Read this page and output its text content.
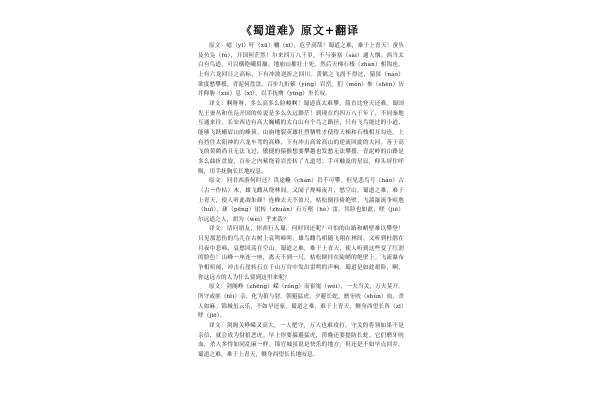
《蜀道难》原文+翻译

原文：噫（yī）吁（xū）嚱（xī），危乎高哉！蜀道之难，难于上青天！蚕丛及鱼凫（fú），开国何茫然！尔来四万八千岁，不与秦塞（sài）通人烟。西当太白有鸟道，可以横绝峨眉巅。地崩山摧壮士死，然后天梯石栈（zhàn）相钩连。上有六龙回日之高标，下有冲波逆折之回川。黄鹤之飞尚不得过，猿猱（náo）欲度愁攀援。青泥何盘盘，百步九折萦（yíng）岩峦。扪（mén）参（shēn）历井仰胁（xié）息（xī），以手抚膺（yīng）坐长叹。

译文：啊呀呀，多么高多么险峻啊！蜀道真太难攀，简直比登天还难。蜀国先王蚕丛和鱼凫开国的传说是多么久远渺茫！到现在约四万八千年了，不同秦地互通来往。长安西边有高大巍峨的太白山有个鸟之路径，只有飞鸟能过的小道，能够飞跃峨眉山的峰顶。山崩地裂英雄壮烈牺牲才使得天梯和石栈相互勾连。上有挡住太阳神的六龙车驾的高峰，下有冲击高耸高山的逆流回旋的大河。善于高飞的黄鹤尚且无法飞过，敏捷的猿猴想要攀越也发愁无法攀援。青泥岭的山路是多么曲折盘旋，百步之内萦绕着岩峦转了九道弯。手可触及的星辰，仰头屏住呼吸，用手抚胸长长地叹息。

原文：问君西游何时还？畏途巉（chán）岩不可攀。但见悲鸟号（háo）古（古一作枯）木，雄飞雌从绕林间。又闻子规啼夜月，愁空山。蜀道之难，难于上青天，使人听此凋朱颜！连峰去天不盈尺，枯松倒挂倚绝壁。飞湍瀑流争喧豗（huī），砯（pēng）崖转（zhuǎn）石万壑（hè）雷。其险也如此，嗟（jiē）尔远道之人，胡为（wèi）乎来哉？

译文：请问朋友，你西行入蜀，何时回还呢？可怕的山路和峭壁难以攀登！只见那悲伤的鸟儿在古树上哀鸣啼叫，雄鸟雌鸟相随飞翔在林间。又听到杜鹃在月夜中悲啼，哀愁回荡在空山。蜀道之难，难于上青天，使人听到这些变了红润的脸色！山峰一座连一座，离天不到一尺，枯松倒挂在陡峭的绝壁上。飞流瀑布争相喧闹，冲击石崖转石在千山万谷中发出雷鸣的声响。蜀道是如此艰险，啊，你这远方的人为什么要到这里来呢？

原文：剑阁峥（zhēng）嵘（róng）而崔嵬（wéi），一夫当关，万夫莫开。所守或匪（fěi）亲，化为狼与豺。朝避猛虎，夕避长蛇，磨牙吮（shǔn）血，杀人如麻。锦城虽云乐，不如早还家。蜀道之难，难于上青天，侧身西望长咨（zī）嗟（jiē）。

译文：剑阁关峥嵘又高大，一人把守，万人也难攻打。守关的将领如果不是亲信，就会成为豺狼恶虎。早上你要躲避猛虎，傍晚还要提防长蛇。它们磨牙吮血，杀人多得如同乱麻一样。锦官城虽说是快乐的地方，但还是不如早点回乡。蜀道之难，难于上青天，侧身西望长长地叹息。
